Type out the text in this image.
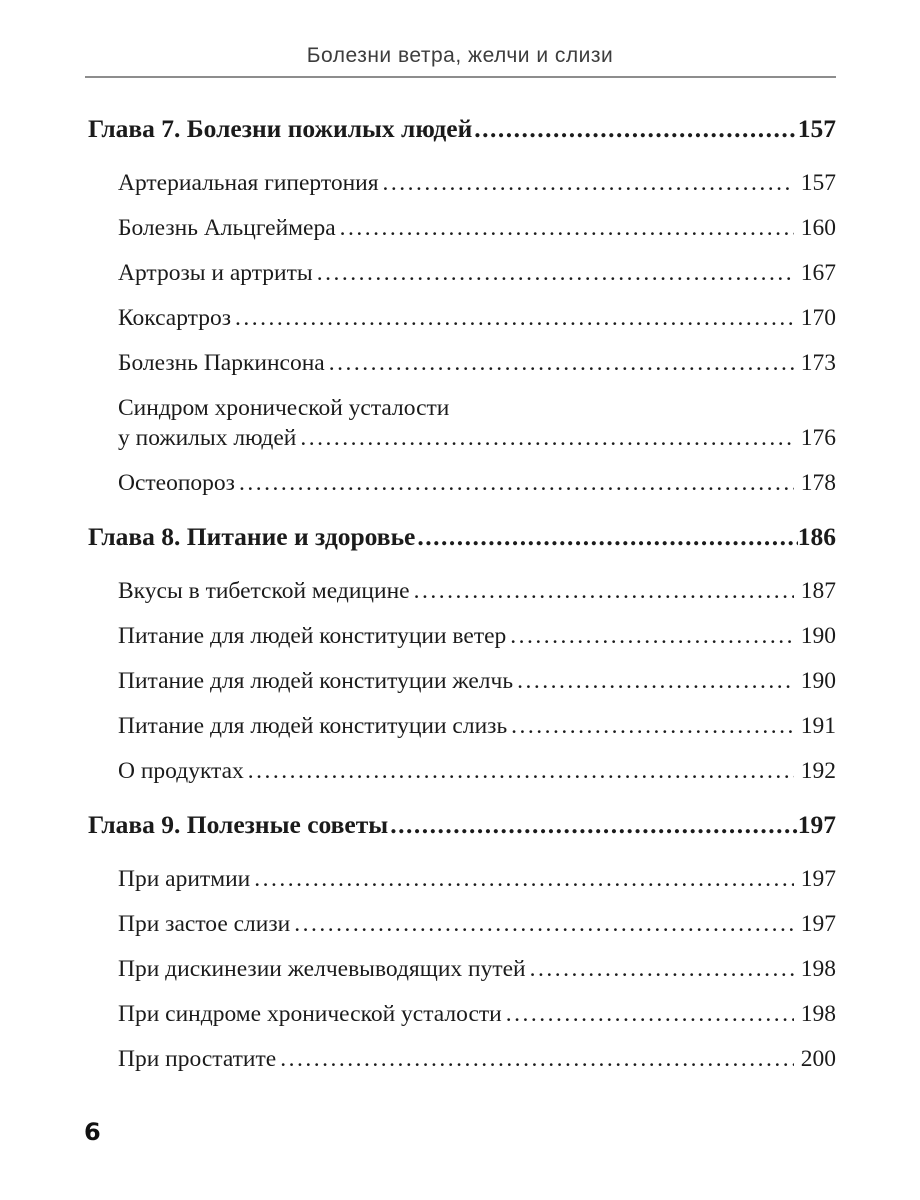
Болезни ветра, желчи и слизи
Глава 7. Болезни пожилых людей .....	157
Артериальная гипертония .....	157
Болезнь Альцгеймера .....	160
Артрозы и артриты .....	167
Коксартроз .....	170
Болезнь Паркинсона .....	173
Синдром хронической усталости
у пожилых людей .....	176
Остеопороз .....	178
Глава 8. Питание и здоровье .....	186
Вкусы в тибетской медицине .....	187
Питание для людей конституции ветер .....	190
Питание для людей конституции желчь .....	190
Питание для людей конституции слизь .....	191
О продуктах .....	192
Глава 9. Полезные советы .....	197
При аритмии .....	197
При застое слизи .....	197
При дискинезии желчевыводящих путей .....	198
При синдроме хронической усталости .....	198
При простатите .....	200
6
